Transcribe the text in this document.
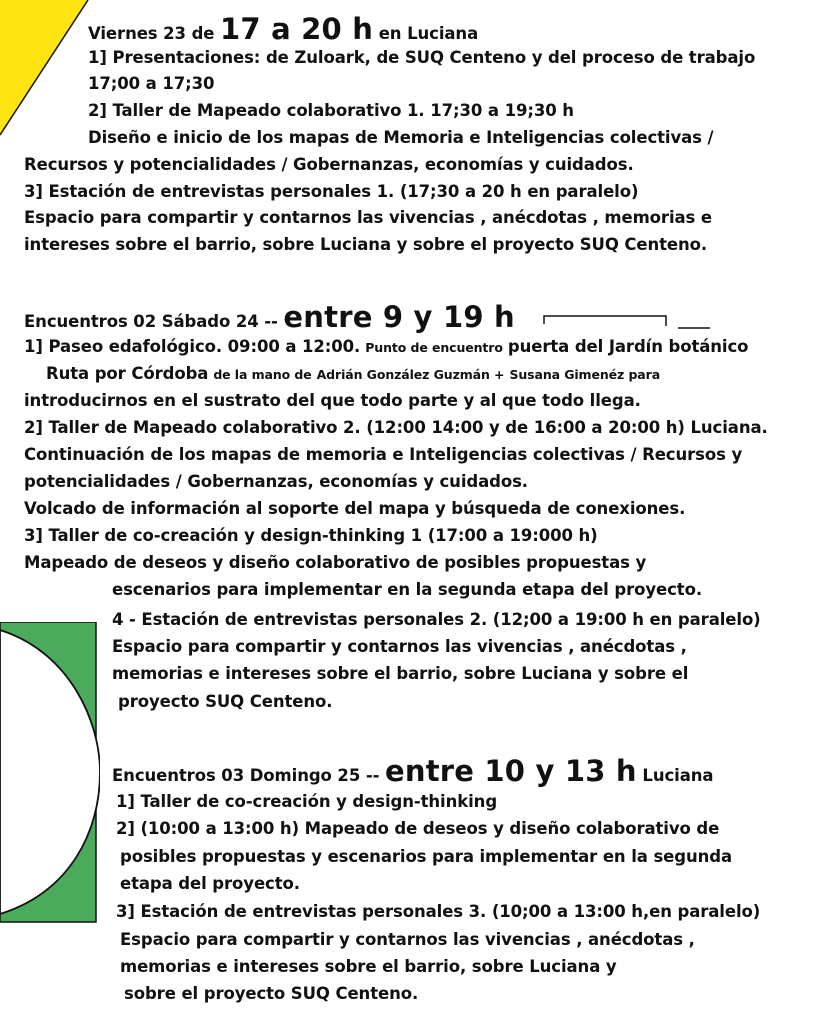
Viernes 23 de 17 a 20 h en Luciana
1] Presentaciones: de Zuloark, de SUQ Centeno y del proceso de trabajo
17;00 a 17;30
2] Taller de Mapeado colaborativo 1. 17;30 a 19;30 h
Diseño e inicio de los mapas de Memoria e Inteligencias colectivas /
Recursos y potencialidades / Gobernanzas, economías y cuidados.
3] Estación de entrevistas personales 1. (17;30 a 20 h en paralelo)
Espacio para compartir y contarnos las vivencias , anécdotas , memorias e
intereses sobre el barrio, sobre Luciana y sobre el proyecto SUQ Centeno.
Encuentros 02 Sábado 24 -- entre 9 y 19 h
1] Paseo edafológico. 09:00 a 12:00. Punto de encuentro puerta del Jardín botánico
Ruta por Córdoba de la mano de Adrián González Guzmán + Susana Gimenéz para
introducirnos en el sustrato del que todo parte y al que todo llega.
2] Taller de Mapeado colaborativo 2. (12:00 14:00 y de 16:00 a 20:00 h) Luciana.
Continuación de los mapas de memoria e Inteligencias colectivas / Recursos y
potencialidades / Gobernanzas, economías y cuidados.
Volcado de información al soporte del mapa y búsqueda de conexiones.
3] Taller de co-creación y design-thinking 1 (17:00 a 19:000 h)
Mapeado de deseos y diseño colaborativo de posibles propuestas y
escenarios para implementar en la segunda etapa del proyecto.
4 - Estación de entrevistas personales 2. (12;00 a 19:00 h en paralelo)
Espacio para compartir y contarnos las vivencias , anécdotas ,
memorias e intereses sobre el barrio, sobre Luciana y sobre el
proyecto SUQ Centeno.
Encuentros 03 Domingo 25 -- entre 10 y 13 h Luciana
1] Taller de co-creación y design-thinking
2] (10:00 a 13:00 h) Mapeado de deseos y diseño colaborativo de
posibles propuestas y escenarios para implementar en la segunda
etapa del proyecto.
3] Estación de entrevistas personales 3. (10;00 a 13:00 h,en paralelo)
Espacio para compartir y contarnos las vivencias , anécdotas ,
memorias e intereses sobre el barrio, sobre Luciana y
sobre el proyecto SUQ Centeno.
